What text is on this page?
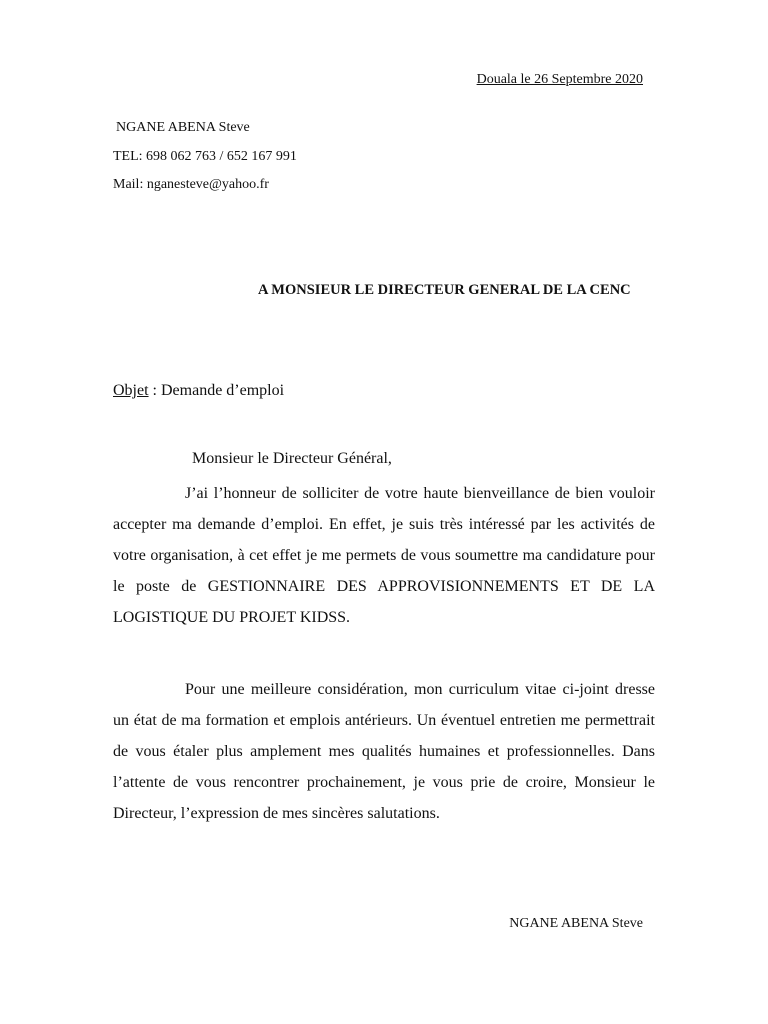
Douala le 26 Septembre 2020
NGANE ABENA Steve
TEL: 698 062 763 / 652 167 991
Mail: nganesteve@yahoo.fr
A MONSIEUR LE DIRECTEUR GENERAL DE LA CENC
Objet : Demande d’emploi
Monsieur le Directeur Général,

J’ai l’honneur de solliciter de votre haute bienveillance de bien vouloir accepter ma demande d’emploi. En effet, je suis très intéressé par les activités de votre organisation, à cet effet je me permets de vous soumettre ma candidature pour le poste de GESTIONNAIRE DES APPROVISIONNEMENTS ET DE LA LOGISTIQUE DU PROJET KIDSS.

Pour une meilleure considération, mon curriculum vitae ci-joint dresse un état de ma formation et emplois antérieurs. Un éventuel entretien me permettrait de vous étaler plus amplement mes qualités humaines et professionnelles. Dans l’attente de vous rencontrer prochainement, je vous prie de croire, Monsieur le Directeur, l’expression de mes sincères salutations.

NGANE ABENA Steve
